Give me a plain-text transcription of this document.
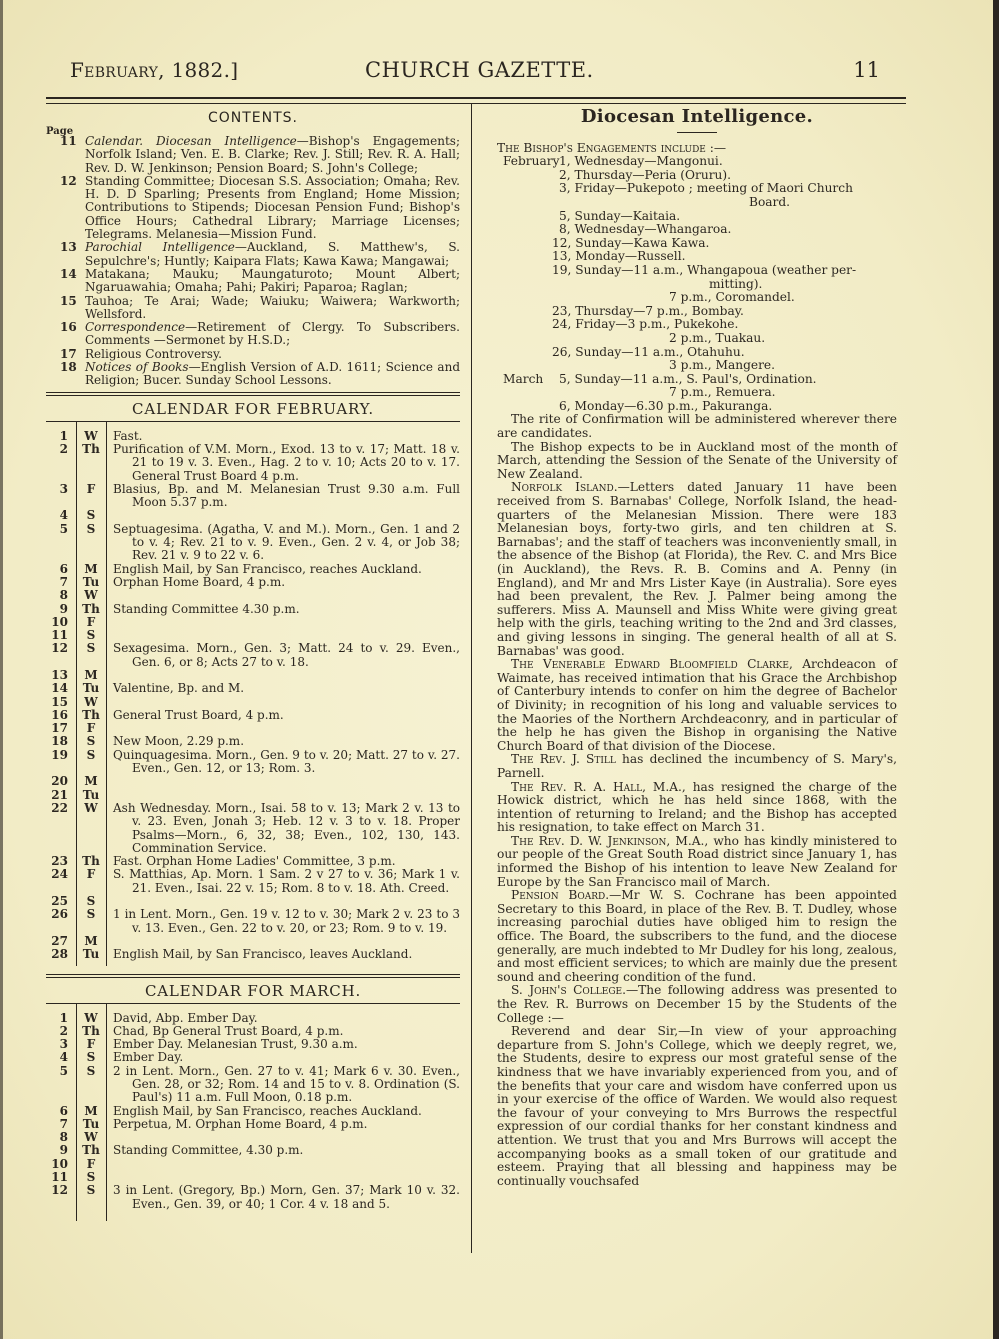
February, 1882.]	CHURCH GAZETTE.	11
CONTENTS.
Page
11 Calendar. Diocesan Intelligence—Bishop's Engagements; Norfolk Island; Ven. E. B. Clarke; Rev. J. Still; Rev. R. A. Hall; Rev. D. W. Jenkinson; Pension Board; S. John's College;
12 Standing Committee; Diocesan S.S. Association; Omaha; Rev. H. D. D Sparling; Presents from England; Home Mission; Contributions to Stipends; Diocesan Pension Fund; Bishop's Office Hours; Cathedral Library; Marriage Licenses; Telegrams. Melanesia—Mission Fund.
13 Parochial Intelligence—Auckland, S. Matthew's, S. Sepulchre's; Huntly; Kaipara Flats; Kawa Kawa; Mangawai;
14 Matakana; Mauku; Maungaturoto; Mount Albert; Ngaruawahia; Omaha; Pahi; Pakiri; Paparoa; Raglan;
15 Tauhoa; Te Arai; Wade; Waiuku; Waiwera; Warkworth; Wellsford.
16 Correspondence—Retirement of Clergy. To Subscribers. Comments —Sermonet by H.S.D.;
17 Religious Controversy.
18 Notices of Books—English Version of A.D. 1611; Science and Religion; Bucer. Sunday School Lessons.
CALENDAR FOR FEBRUARY.
1	W	Fast.
2	Th	Purification of V.M. Morn., Exod. 13 to v. 17; Matt. 18 v. 21 to 19 v. 3. Even., Hag. 2 to v. 10; Acts 20 to v. 17. General Trust Board 4 p.m.
3	F	Blasius, Bp. and M. Melanesian Trust 9.30 a.m. Full Moon 5.37 p.m.
4	S

5	S	Septuagesima. (Agatha, V. and M.). Morn., Gen. 1 and 2 to v. 4; Rev. 21 to v. 9. Even., Gen. 2 v. 4, or Job 38; Rev. 21 v. 9 to 22 v. 6.
6	M	English Mail, by San Francisco, reaches Auckland.
7	Tu	Orphan Home Board, 4 p.m.
8	W

9	Th	Standing Committee 4.30 p.m.
10	F

11	S

12	S	Sexagesima. Morn., Gen. 3; Matt. 24 to v. 29. Even., Gen. 6, or 8; Acts 27 to v. 18.
13	M

14	Tu	Valentine, Bp. and M.
15	W

16	Th	General Trust Board, 4 p.m.
17	F

18	S	New Moon, 2.29 p.m.
19	S	Quinquagesima. Morn., Gen. 9 to v. 20; Matt. 27 to v. 27. Even., Gen. 12, or 13; Rom. 3.
20	M

21	Tu

22	W	Ash Wednesday. Morn., Isai. 58 to v. 13; Mark 2 v. 13 to v. 23. Even, Jonah 3; Heb. 12 v. 3 to v. 18. Proper Psalms—Morn., 6, 32, 38; Even., 102, 130, 143. Commination Service.
23	Th	Fast. Orphan Home Ladies' Committee, 3 p.m.
24	F	S. Matthias, Ap. Morn. 1 Sam. 2 v 27 to v. 36; Mark 1 v. 21. Even., Isai. 22 v. 15; Rom. 8 to v. 18. Ath. Creed.
25	S

26	S	1 in Lent. Morn., Gen. 19 v. 12 to v. 30; Mark 2 v. 23 to 3 v. 13. Even., Gen. 22 to v. 20, or 23; Rom. 9 to v. 19.
27	M

28	Tu	English Mail, by San Francisco, leaves Auckland.
CALENDAR FOR MARCH.
1	W	David, Abp. Ember Day.
2	Th	Chad, Bp General Trust Board, 4 p.m.
3	F	Ember Day. Melanesian Trust, 9.30 a.m.
4	S	Ember Day.
5	S	2 in Lent. Morn., Gen. 27 to v. 41; Mark 6 v. 30. Even., Gen. 28, or 32; Rom. 14 and 15 to v. 8. Ordination (S. Paul's) 11 a.m. Full Moon, 0.18 p.m.
6	M	English Mail, by San Francisco, reaches Auckland.
7	Tu	Perpetua, M. Orphan Home Board, 4 p.m.
8	W

9	Th	Standing Committee, 4.30 p.m.
10	F

11	S

12	S	3 in Lent. (Gregory, Bp.) Morn, Gen. 37; Mark 10 v. 32. Even., Gen. 39, or 40; 1 Cor. 4 v. 18 and 5.
Diocesan Intelligence.
The Bishop's Engagements include :—
February 1, Wednesday—Mangonui.
2, Thursday—Peria (Oruru).
3, Friday—Pukepoto ; meeting of Maori Church
Board.
5, Sunday—Kaitaia.
8, Wednesday—Whangaroa.
12, Sunday—Kawa Kawa.
13, Monday—Russell.
19, Sunday—11 a.m., Whangapoua (weather per-
mitting).
7 p.m., Coromandel.
23, Thursday—7 p.m., Bombay.
24, Friday—3 p.m., Pukekohe.
2 p.m., Tuakau.
26, Sunday—11 a.m., Otahuhu.
3 p.m., Mangere.
March 5, Sunday—11 a.m., S. Paul's, Ordination.
7 p.m., Remuera.
6, Monday—6.30 p.m., Pakuranga.

The rite of Confirmation will be administered wherever there are candidates.

The Bishop expects to be in Auckland most of the month of March, attending the Session of the Senate of the University of New Zealand.

Norfolk Island.—Letters dated January 11 have been received from S. Barnabas' College, Norfolk Island, the head-quarters of the Melanesian Mission. There were 183 Melanesian boys, forty-two girls, and ten children at S. Barnabas'; and the staff of teachers was inconveniently small, in the absence of the Bishop (at Florida), the Rev. C. and Mrs Bice (in Auckland), the Revs. R. B. Comins and A. Penny (in England), and Mr and Mrs Lister Kaye (in Australia). Sore eyes had been prevalent, the Rev. J. Palmer being among the sufferers. Miss A. Maunsell and Miss White were giving great help with the girls, teaching writing to the 2nd and 3rd classes, and giving lessons in singing. The general health of all at S. Barnabas' was good.

The Venerable Edward Bloomfield Clarke, Archdeacon of Waimate, has received intimation that his Grace the Archbishop of Canterbury intends to confer on him the degree of Bachelor of Divinity; in recognition of his long and valuable services to the Maories of the Northern Archdeaconry, and in particular of the help he has given the Bishop in organising the Native Church Board of that division of the Diocese.

The Rev. J. Still has declined the incumbency of S. Mary's, Parnell.

The Rev. R. A. Hall, M.A., has resigned the charge of the Howick district, which he has held since 1868, with the intention of returning to Ireland; and the Bishop has accepted his resignation, to take effect on March 31.

The Rev. D. W. Jenkinson, M.A., who has kindly ministered to our people of the Great South Road district since January 1, has informed the Bishop of his intention to leave New Zealand for Europe by the San Francisco mail of March.

Pension Board.—Mr W. S. Cochrane has been appointed Secretary to this Board, in place of the Rev. B. T. Dudley, whose increasing parochial duties have obliged him to resign the office. The Board, the subscribers to the fund, and the diocese generally, are much indebted to Mr Dudley for his long, zealous, and most efficient services; to which are mainly due the present sound and cheering condition of the fund.

S. John's College.—The following address was presented to the Rev. R. Burrows on December 15 by the Students of the College :—

Reverend and dear Sir,—In view of your approaching departure from S. John's College, which we deeply regret, we, the Students, desire to express our most grateful sense of the kindness that we have invariably experienced from you, and of the benefits that your care and wisdom have conferred upon us in your exercise of the office of Warden. We would also request the favour of your conveying to Mrs Burrows the respectful expression of our cordial thanks for her constant kindness and attention. We trust that you and Mrs Burrows will accept the accompanying books as a small token of our gratitude and esteem. Praying that all blessing and happiness may be continually vouchsafed
